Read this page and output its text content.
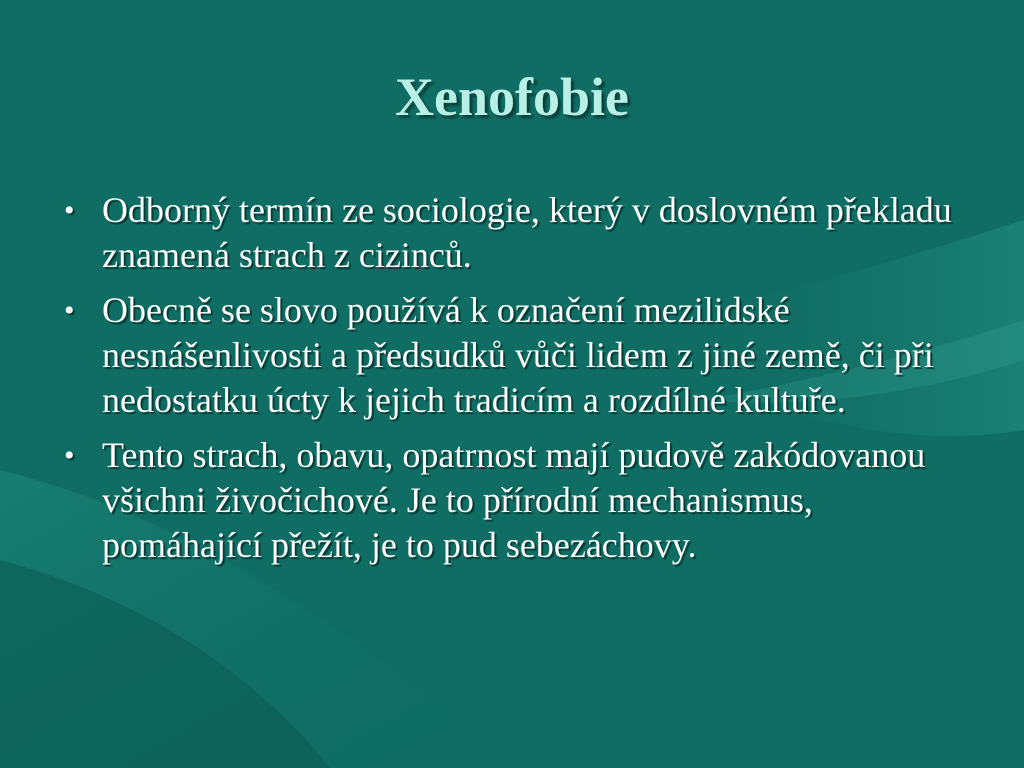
Xenofobie
• Odborný termín ze sociologie, který v doslovném překladu znamená strach z cizinců.
• Obecně se slovo používá k označení mezilidské nesnášenlivosti a předsudků vůči lidem z jiné země, či při nedostatku úcty k jejich tradicím a rozdílné kultuře.
• Tento strach, obavu, opatrnost mají pudově zakódovanou všichni živočichové. Je to přírodní mechanismus, pomáhající přežít, je to pud sebezáchovy.
